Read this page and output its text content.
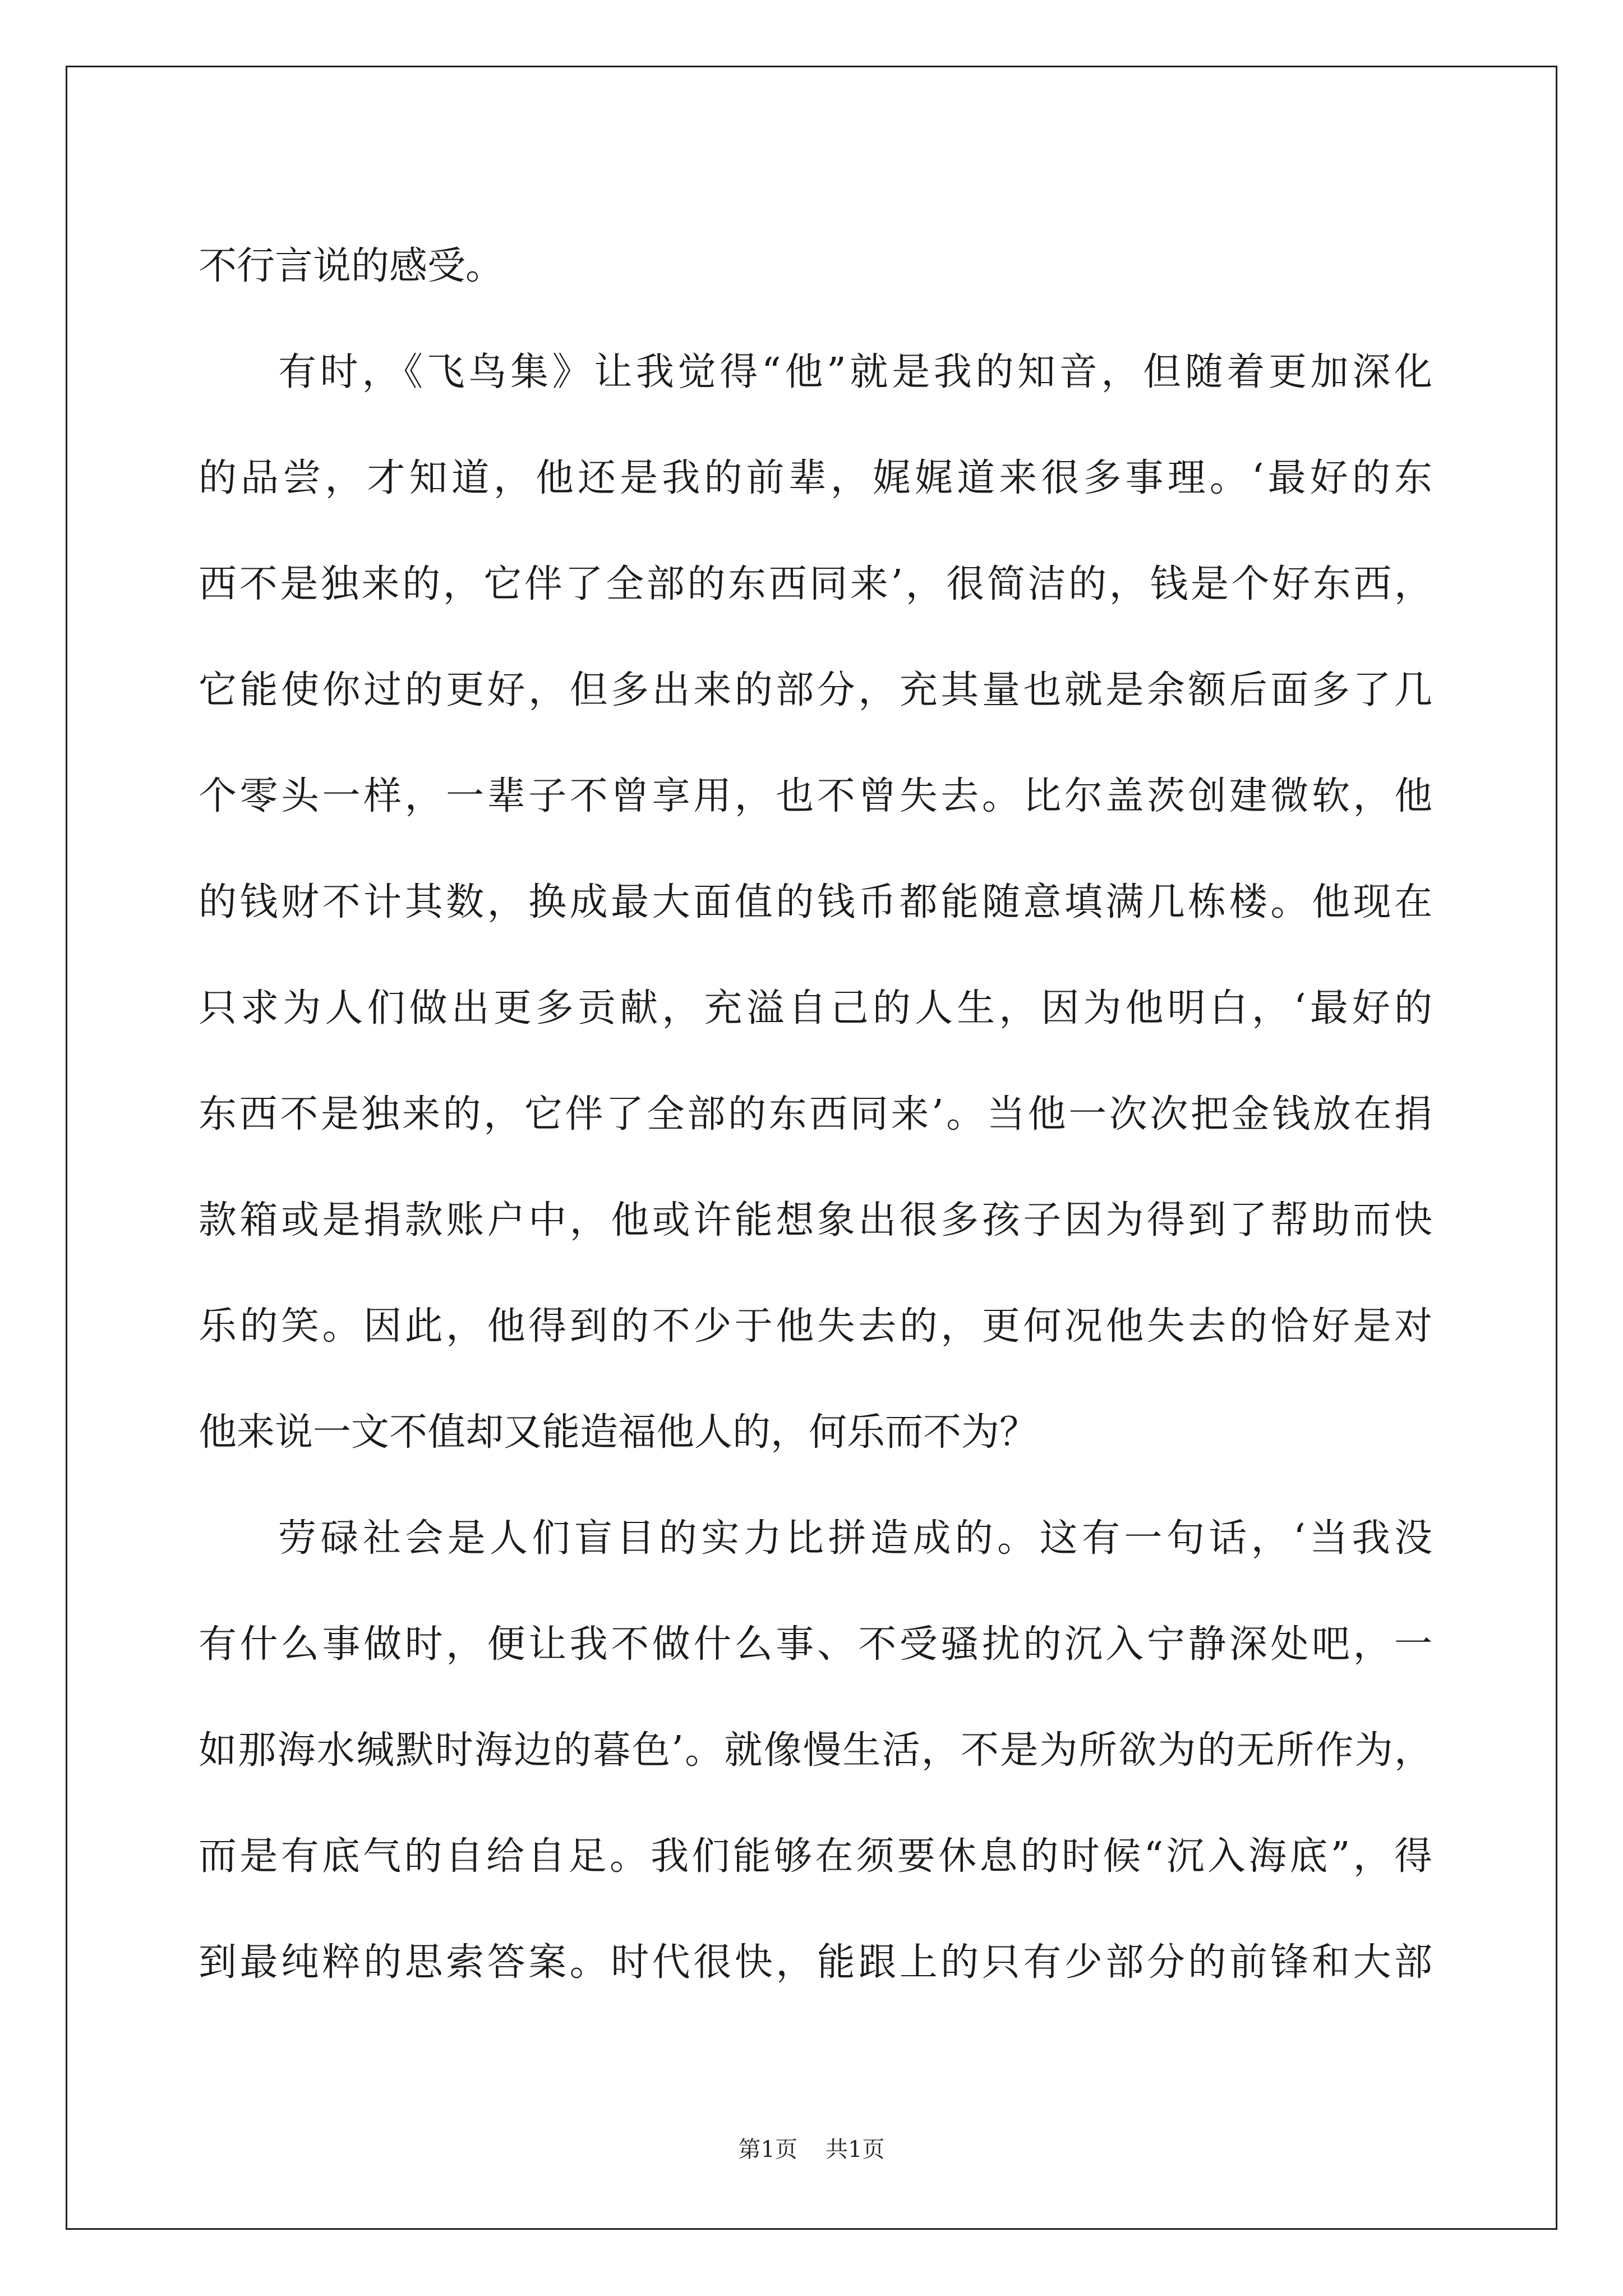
不行言说的感受。
有时，《飞鸟集》让我觉得“他”就是我的知音，但随着更加深化
的品尝，才知道，他还是我的前辈，娓娓道来很多事理。‘最好的东
西不是独来的，它伴了全部的东西同来’，很简洁的，钱是个好东西，
它能使你过的更好，但多出来的部分，充其量也就是余额后面多了几
个零头一样，一辈子不曾享用，也不曾失去。比尔盖茨创建微软，他
的钱财不计其数，换成最大面值的钱币都能随意填满几栋楼。他现在
只求为人们做出更多贡献，充溢自己的人生，因为他明白，‘最好的
东西不是独来的，它伴了全部的东西同来’。当他一次次把金钱放在捐
款箱或是捐款账户中，他或许能想象出很多孩子因为得到了帮助而快
乐的笑。因此，他得到的不少于他失去的，更何况他失去的恰好是对
他来说一文不值却又能造福他人的，何乐而不为？
劳碌社会是人们盲目的实力比拼造成的。这有一句话，‘当我没
有什么事做时，便让我不做什么事、不受骚扰的沉入宁静深处吧，一
如那海水缄默时海边的暮色’。就像慢生活，不是为所欲为的无所作为，
而是有底气的自给自足。我们能够在须要休息的时候“沉入海底”，得
到最纯粹的思索答案。时代很快，能跟上的只有少部分的前锋和大部
第1页 共1页
